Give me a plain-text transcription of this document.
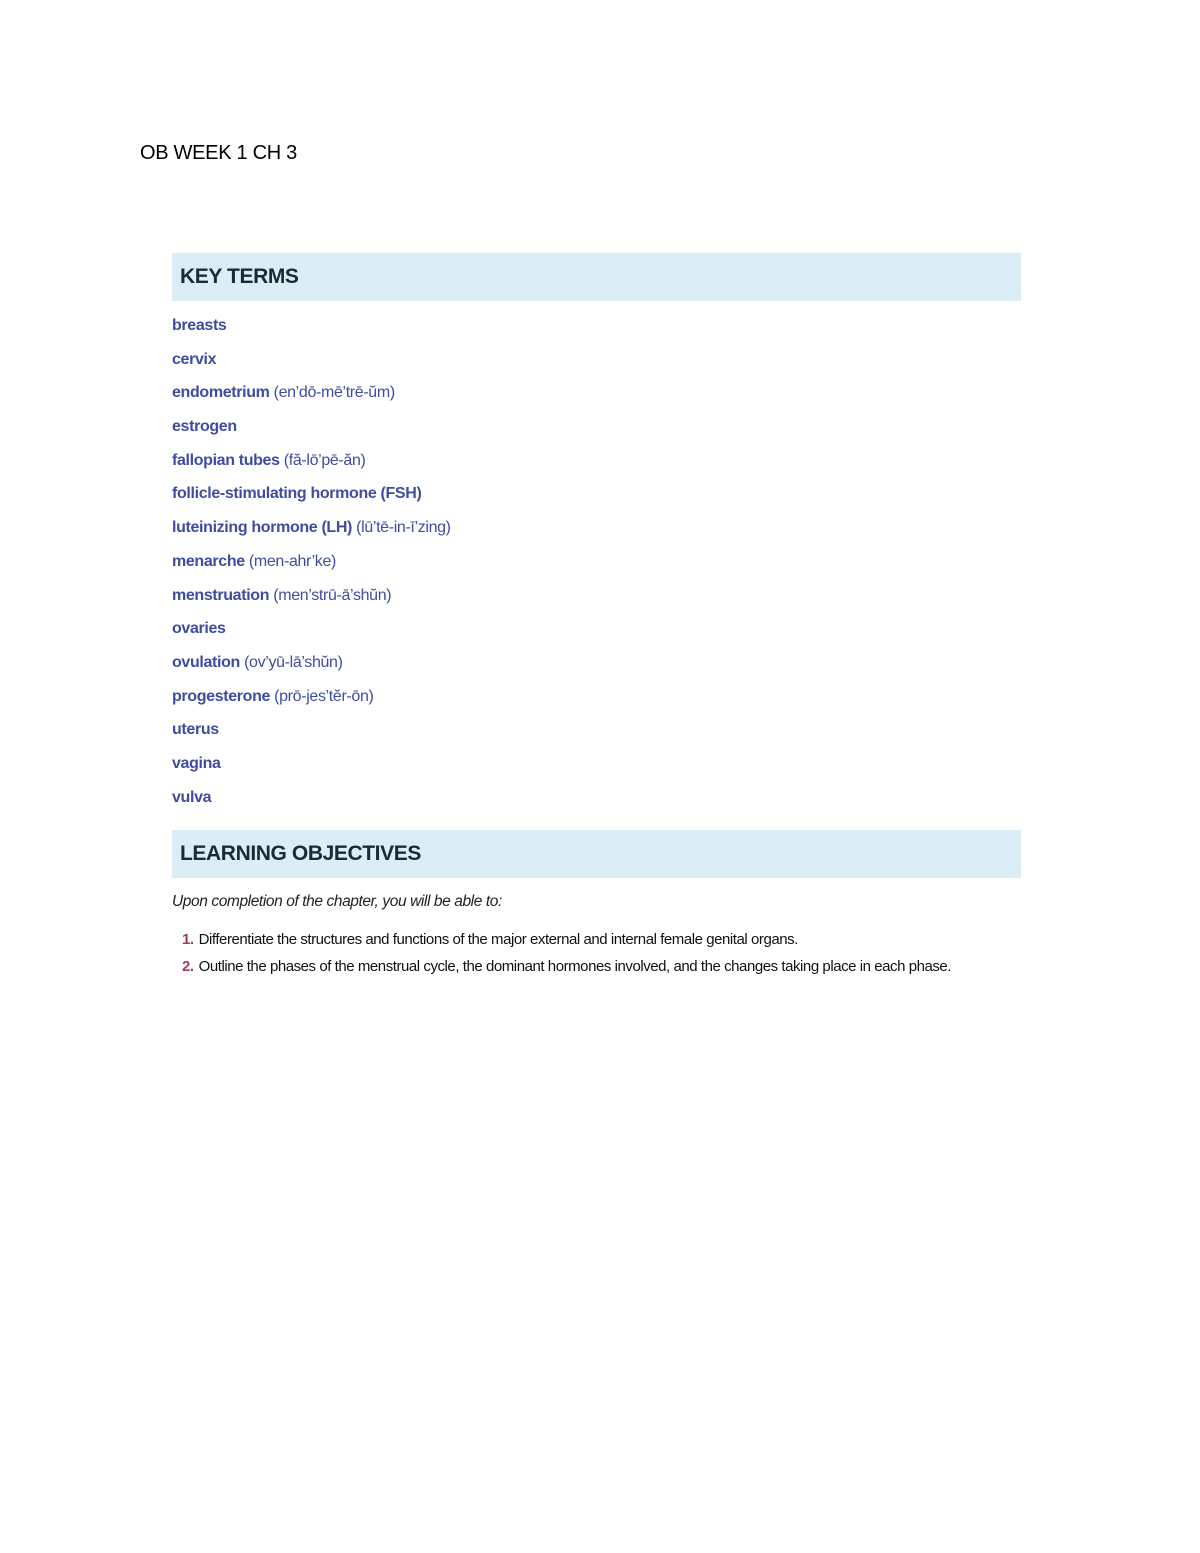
OB WEEK 1 CH 3
KEY TERMS
breasts
cervix
endometrium (en’dō-mē’trē-ŭm)
estrogen
fallopian tubes (fă-lō’pē-ăn)
follicle-stimulating hormone (FSH)
luteinizing hormone (LH) (lū’tē-in-ī’zing)
menarche (men-ahr’ke)
menstruation (men’strū-ā’shŭn)
ovaries
ovulation (ov’yū-lā’shŭn)
progesterone (prō-jes’tĕr-ōn)
uterus
vagina
vulva
LEARNING OBJECTIVES
Upon completion of the chapter, you will be able to:
1. Differentiate the structures and functions of the major external and internal female genital organs.
2. Outline the phases of the menstrual cycle, the dominant hormones involved, and the changes taking place in each phase.
